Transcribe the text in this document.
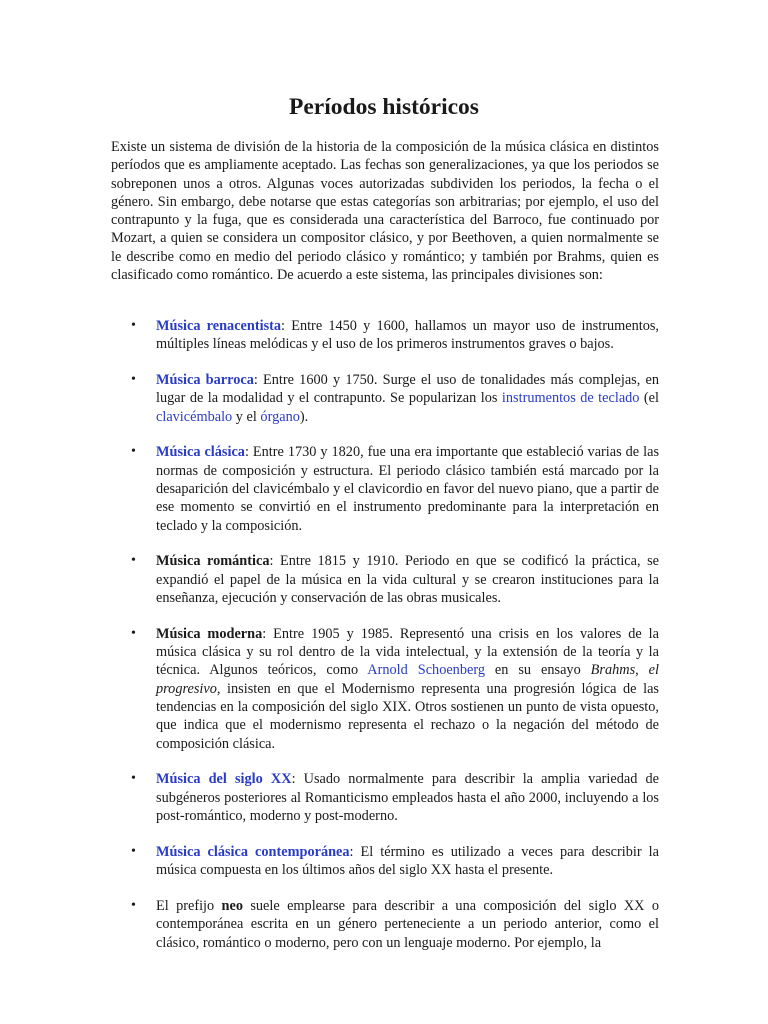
Períodos históricos

Existe un sistema de división de la historia de la composición de la música clásica en distintos períodos que es ampliamente aceptado. Las fechas son generalizaciones, ya que los periodos se sobreponen unos a otros. Algunas voces autorizadas subdividen los periodos, la fecha o el género. Sin embargo, debe notarse que estas categorías son arbitrarias; por ejemplo, el uso del contrapunto y la fuga, que es considerada una característica del Barroco, fue continuado por Mozart, a quien se considera un compositor clásico, y por Beethoven, a quien normalmente se le describe como en medio del periodo clásico y romántico; y también por Brahms, quien es clasificado como romántico. De acuerdo a este sistema, las principales divisiones son:

• Música renacentista: Entre 1450 y 1600, hallamos un mayor uso de instrumentos, múltiples líneas melódicas y el uso de los primeros instrumentos graves o bajos.
• Música barroca: Entre 1600 y 1750. Surge el uso de tonalidades más complejas, en lugar de la modalidad y el contrapunto. Se popularizan los instrumentos de teclado (el clavicémbalo y el órgano).
• Música clásica: Entre 1730 y 1820, fue una era importante que estableció varias de las normas de composición y estructura. El periodo clásico también está marcado por la desaparición del clavicémbalo y el clavicordio en favor del nuevo piano, que a partir de ese momento se convirtió en el instrumento predominante para la interpretación en teclado y la composición.
• Música romántica: Entre 1815 y 1910. Periodo en que se codificó la práctica, se expandió el papel de la música en la vida cultural y se crearon instituciones para la enseñanza, ejecución y conservación de las obras musicales.
• Música moderna: Entre 1905 y 1985. Representó una crisis en los valores de la música clásica y su rol dentro de la vida intelectual, y la extensión de la teoría y la técnica. Algunos teóricos, como Arnold Schoenberg en su ensayo Brahms, el progresivo, insisten en que el Modernismo representa una progresión lógica de las tendencias en la composición del siglo XIX. Otros sostienen un punto de vista opuesto, que indica que el modernismo representa el rechazo o la negación del método de composición clásica.
• Música del siglo XX: Usado normalmente para describir la amplia variedad de subgéneros posteriores al Romanticismo empleados hasta el año 2000, incluyendo a los post-romántico, moderno y post-moderno.
• Música clásica contemporánea: El término es utilizado a veces para describir la música compuesta en los últimos años del siglo XX hasta el presente.
• El prefijo neo suele emplearse para describir a una composición del siglo XX o contemporánea escrita en un género perteneciente a un periodo anterior, como el clásico, romántico o moderno, pero con un lenguaje moderno. Por ejemplo, la
